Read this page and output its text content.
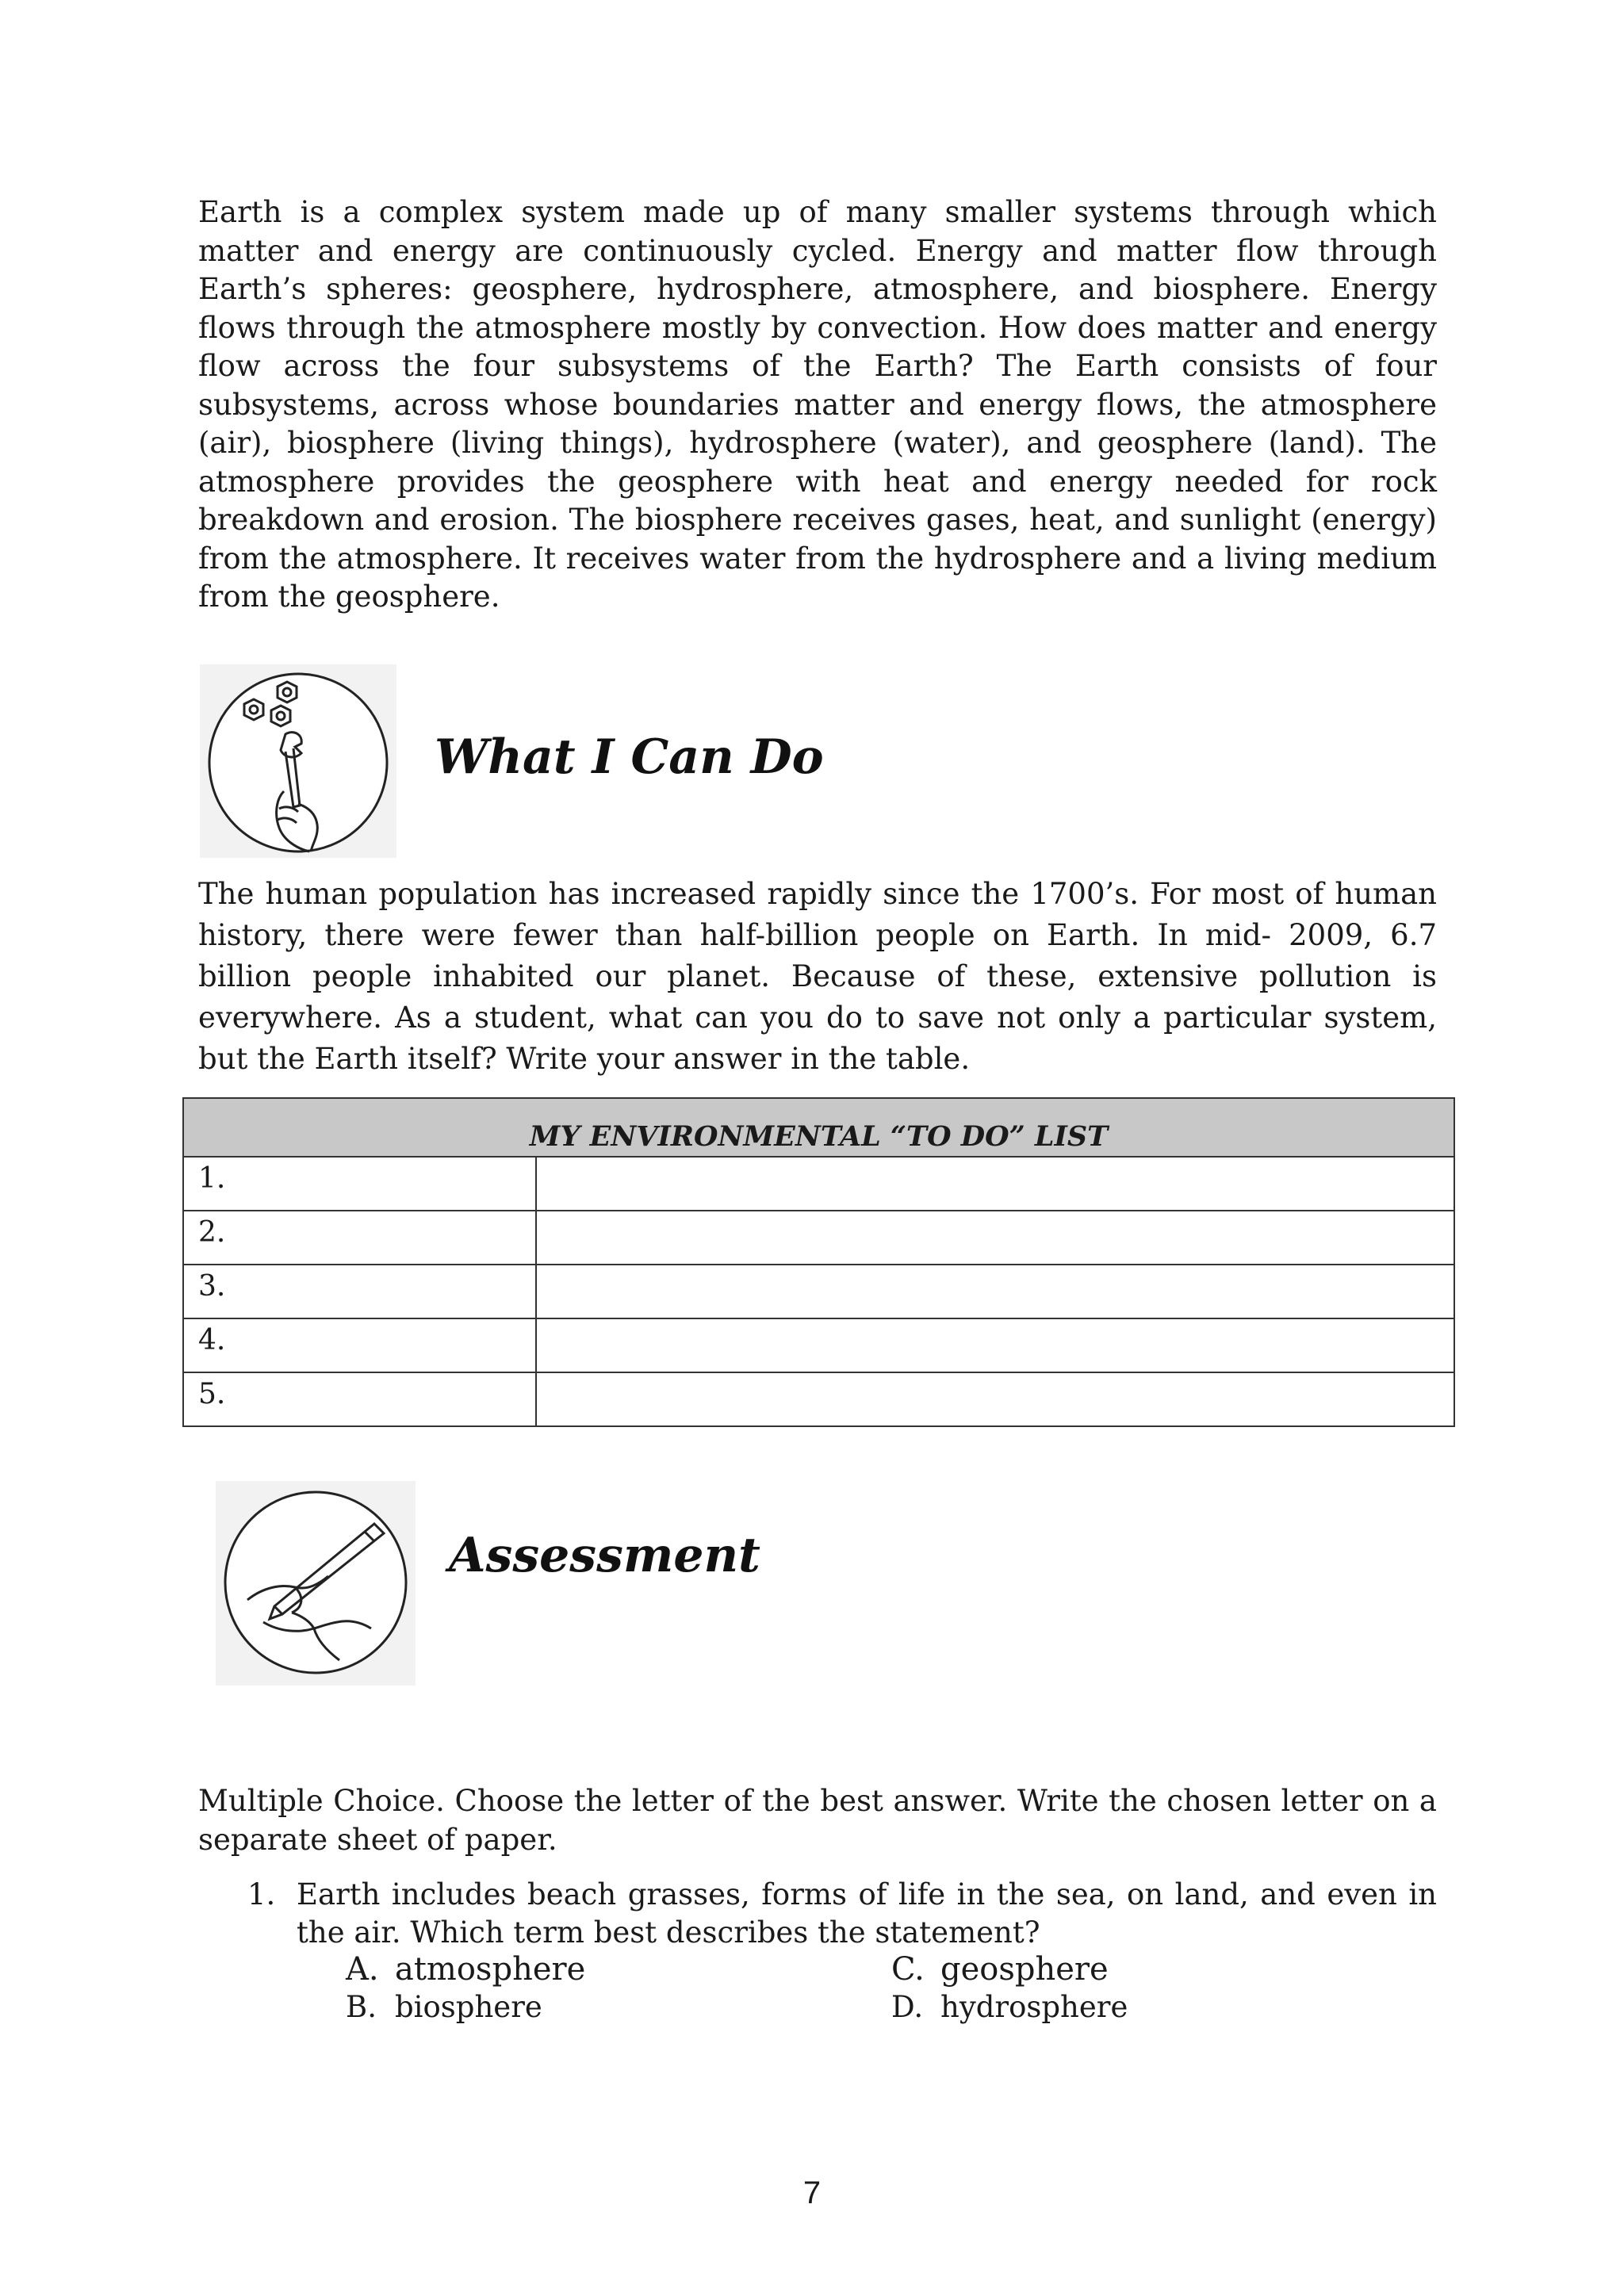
Earth is a complex system made up of many smaller systems through which matter and energy are continuously cycled. Energy and matter flow through Earth’s spheres: geosphere, hydrosphere, atmosphere, and biosphere. Energy flows through the atmosphere mostly by convection. How does matter and energy flow across the four subsystems of the Earth? The Earth consists of four subsystems, across whose boundaries matter and energy flows, the atmosphere (air), biosphere (living things), hydrosphere (water), and geosphere (land). The atmosphere provides the geosphere with heat and energy needed for rock breakdown and erosion. The biosphere receives gases, heat, and sunlight (energy) from the atmosphere. It receives water from the hydrosphere and a living medium from the geosphere.

What I Can Do

The human population has increased rapidly since the 1700’s. For most of human history, there were fewer than half-billion people on Earth. In mid- 2009, 6.7 billion people inhabited our planet. Because of these, extensive pollution is everywhere. As a student, what can you do to save not only a particular system, but the Earth itself? Write your answer in the table.

MY ENVIRONMENTAL “TO DO” LIST	
1.	
2.	
3.	
4.	
5.	
Assessment

Multiple Choice. Choose the letter of the best answer. Write the chosen letter on a separate sheet of paper.

1. Earth includes beach grasses, forms of life in the sea, on land, and even in the air. Which term best describes the statement?
A. atmosphere
B. biosphere
C. geosphere
D. hydrosphere
7
